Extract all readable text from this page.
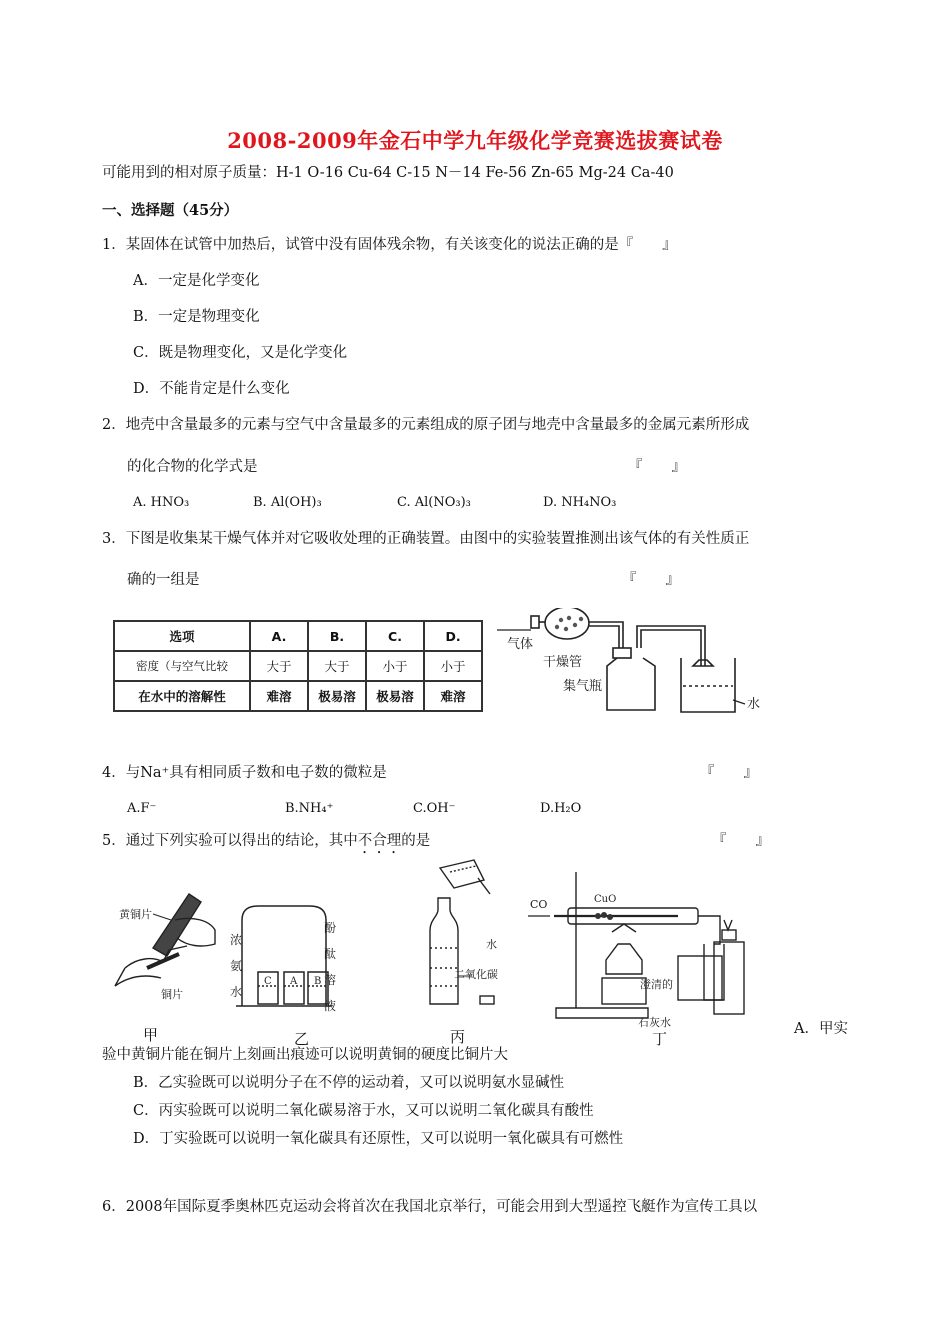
2008-2009年金石中学九年级化学竞赛选拔赛试卷
可能用到的相对原子质量：H-1 O-16 Cu-64 C-15 N－14 Fe-56 Zn-65 Mg-24 Ca-40
一、选择题（45分）
1．某固体在试管中加热后，试管中没有固体残余物，有关该变化的说法正确的是『　　』
A．一定是化学变化
B．一定是物理变化
C．既是物理变化，又是化学变化
D．不能肯定是什么变化
2．地壳中含量最多的元素与空气中含量最多的元素组成的原子团与地壳中含量最多的金属元素所形成
的化合物的化学式是	『　　』
A. HNO₃	B. Al(OH)₃	C. Al(NO₃)₃	D. NH₄NO₃
3．下图是收集某干燥气体并对它吸收处理的正确装置。由图中的实验装置推测出该气体的有关性质正
确的一组是	『　　』
选项	A.	B.	C.	D.
密度（与空气比较	大于	大于	小于	小于
在水中的溶解性	难溶	极易溶	极易溶	难溶
气体
干燥管
集气瓶
水
4．与Na⁺具有相同质子数和电子数的微粒是	『　　』
A.F⁻	B.NH₄⁺	C.OH⁻	D.H₂O
5．通过下列实验可以得出的结论，其中不合理的是	『　　』
黄铜片
铜片
C A B
浓
氨
水
酚
酞
溶
液
水
二氧化碳
CO	CuO
澄清的
石灰水
甲	乙	丙	丁
A．甲实
验中黄铜片能在铜片上刻画出痕迹可以说明黄铜的硬度比铜片大
B．乙实验既可以说明分子在不停的运动着，又可以说明氨水显碱性
C．丙实验既可以说明二氧化碳易溶于水，又可以说明二氧化碳具有酸性
D．丁实验既可以说明一氧化碳具有还原性，又可以说明一氧化碳具有可燃性
6．2008年国际夏季奥林匹克运动会将首次在我国北京举行，可能会用到大型遥控飞艇作为宣传工具以
